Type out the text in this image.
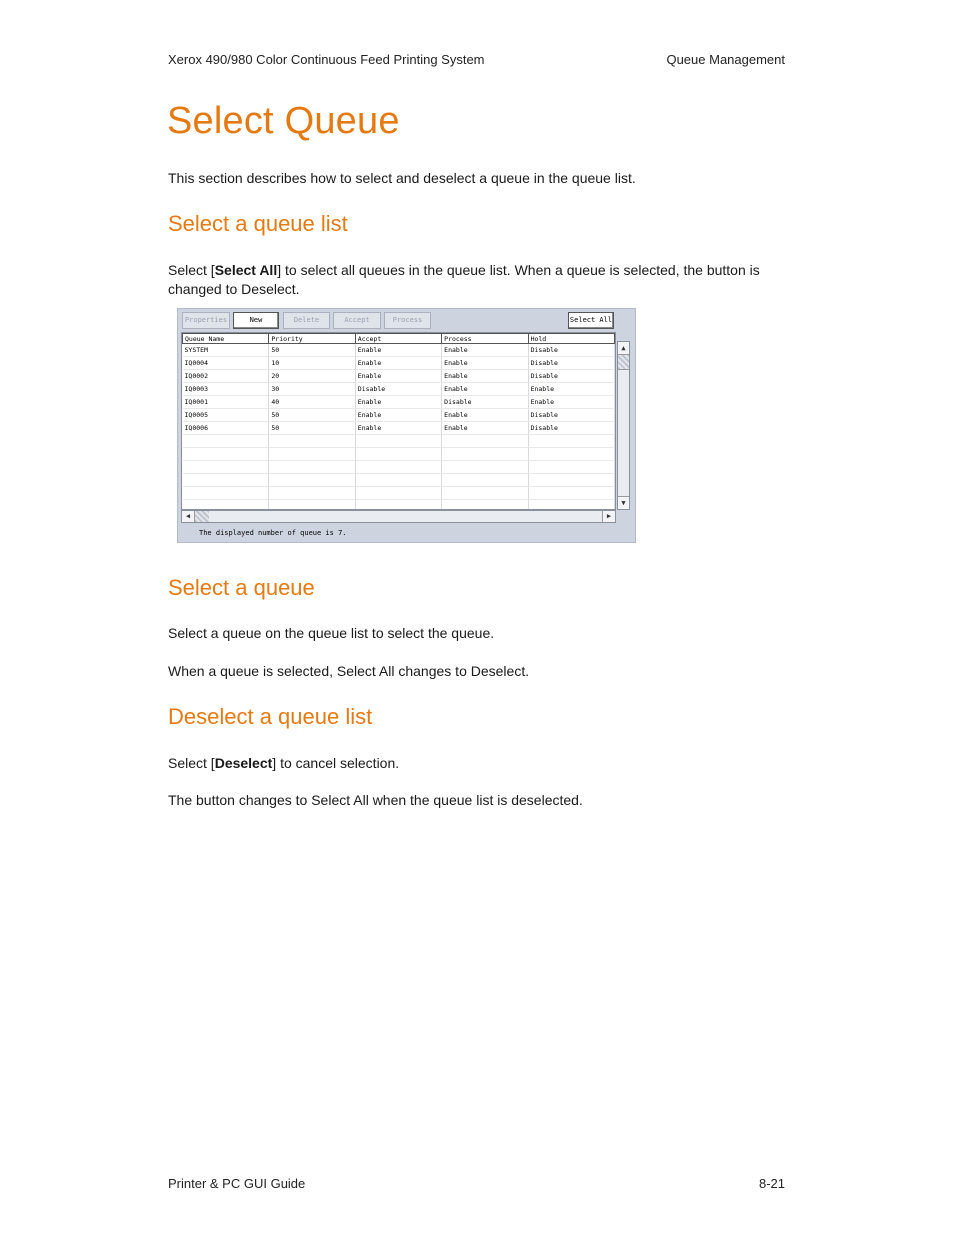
Xerox 490/980 Color Continuous Feed Printing System	Queue Management
Select Queue

This section describes how to select and deselect a queue in the queue list.

Select a queue list

Select [Select All] to select all queues in the queue list. When a queue is selected, the button is changed to Deselect.

Properties	New	Delete	Accept	Process	Select All
Queue Name	Priority	Accept	Process	Hold
SYSTEM	50	Enable	Enable	Disable
IQ0004	10	Enable	Enable	Disable
IQ0002	20	Enable	Enable	Disable
IQ0003	30	Disable	Enable	Enable
IQ0001	40	Enable	Disable	Enable
IQ0005	50	Enable	Enable	Disable
IQ0006	50	Enable	Enable	Disable

▲
▼
◀	▶
The displayed number of queue is 7.
Select a queue

Select a queue on the queue list to select the queue.

When a queue is selected, Select All changes to Deselect.

Deselect a queue list

Select [Deselect] to cancel selection.

The button changes to Select All when the queue list is deselected.

Printer & PC GUI Guide	8-21
